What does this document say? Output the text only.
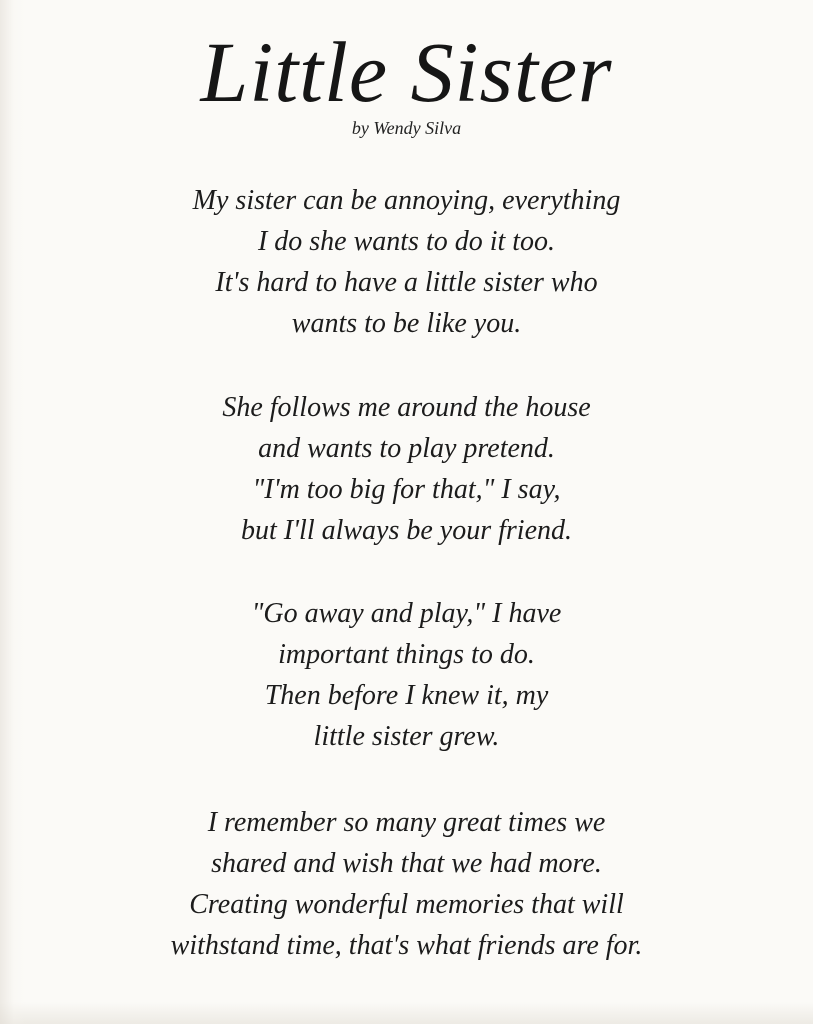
Little Sister
by Wendy Silva
My sister can be annoying, everything
I do she wants to do it too.
It's hard to have a little sister who
wants to be like you.
She follows me around the house
and wants to play pretend.
"I'm too big for that," I say,
but I'll always be your friend.
"Go away and play," I have
important things to do.
Then before I knew it, my
little sister grew.
I remember so many great times we
shared and wish that we had more.
Creating wonderful memories that will
withstand time, that's what friends are for.
